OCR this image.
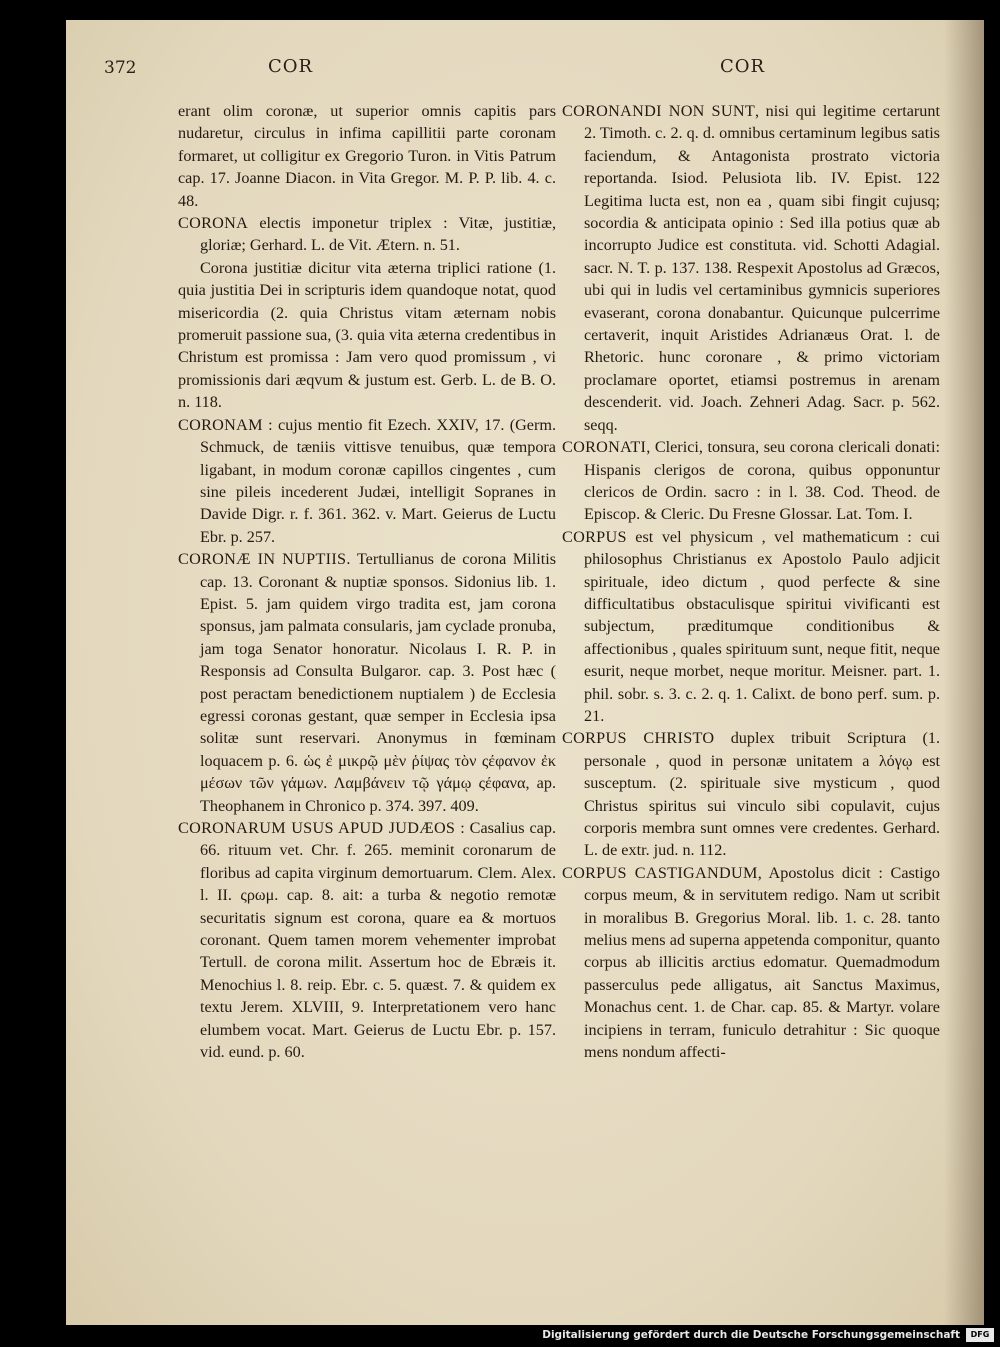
372	COR	COR

erant olim coronæ, ut superior omnis capitis pars nudaretur, circulus in infima capillitii parte coronam formaret, ut colligitur ex Gregorio Turon. in Vitis Patrum cap. 17. Joanne Diacon. in Vita Gregor. M. P. P. lib. 4. c. 48.

CORONA electis imponetur triplex : Vitæ, justitiæ, gloriæ; Gerhard. L. de Vit. Ætern. n. 51.

Corona justitiæ dicitur vita æterna triplici ratione (1. quia justitia Dei in scripturis idem quandoque notat, quod misericordia (2. quia Christus vitam æternam nobis promeruit passione sua, (3. quia vita æterna credentibus in Christum est promissa : Jam vero quod promissum , vi promissionis dari æqvum & justum est. Gerb. L. de B. O. n. 118.

CORONAM : cujus mentio fit Ezech. XXIV, 17. (Germ. Schmuck, de tæniis vittisve tenuibus, quæ tempora ligabant, in modum coronæ capillos cingentes , cum sine pileis incederent Judæi, intelligit Sopranes in Davide Digr. r. f. 361. 362. v. Mart. Geierus de Luctu Ebr. p. 257.

CORONÆ IN NUPTIIS. Tertullianus de corona Militis cap. 13. Coronant & nuptiæ sponsos. Sidonius lib. 1. Epist. 5. jam quidem virgo tradita est, jam corona sponsus, jam palmata consularis, jam cyclade pronuba, jam toga Senator honoratur. Nicolaus I. R. P. in Responsis ad Consulta Bulgaror. cap. 3. Post hæc ( post peractam benedictionem nuptialem ) de Ecclesia egressi coronas gestant, quæ semper in Ecclesia ipsa solitæ sunt reservari. Anonymus in fœminam loquacem p. 6. ὡς ἐ μικρῷ μὲν ῥίψας τὸν ςέφανον ἐκ μέσων τῶν γάμων. Λαμβάνειν τῷ γάμῳ ςέφανα, ap. Theophanem in Chronico p. 374. 397. 409.

CORONARUM USUS APUD JUDÆOS : Casalius cap. 66. rituum vet. Chr. f. 265. meminit coronarum de floribus ad capita virginum demortuarum. Clem. Alex. l. II. ςρωμ. cap. 8. ait: a turba & negotio remotæ securitatis signum est corona, quare ea & mortuos coronant. Quem tamen morem vehementer improbat Tertull. de corona milit. Assertum hoc de Ebræis it. Menochius l. 8. reip. Ebr. c. 5. quæst. 7. & quidem ex textu Jerem. XLVIII, 9. Interpretationem vero hanc elumbem vocat. Mart. Geierus de Luctu Ebr. p. 157. vid. eund. p. 60.

CORONANDI NON SUNT, nisi qui legitime certarunt 2. Timoth. c. 2. q. d. omnibus certaminum legibus satis faciendum, & Antagonista prostrato victoria reportanda. Isiod. Pelusiota lib. IV. Epist. 122 Legitima lucta est, non ea , quam sibi fingit cujusq; socordia & anticipata opinio : Sed illa potius quæ ab incorrupto Judice est constituta. vid. Schotti Adagial. sacr. N. T. p. 137. 138. Respexit Apostolus ad Græcos, ubi qui in ludis vel certaminibus gymnicis superiores evaserant, corona donabantur. Quicunque pulcerrime certaverit, inquit Aristides Adrianæus Orat. l. de Rhetoric. hunc coronare , & primo victoriam proclamare oportet, etiamsi postremus in arenam descenderit. vid. Joach. Zehneri Adag. Sacr. p. 562. seqq.

CORONATI, Clerici, tonsura, seu corona clericali donati: Hispanis clerigos de corona, quibus opponuntur clericos de Ordin. sacro : in l. 38. Cod. Theod. de Episcop. & Cleric. Du Fresne Glossar. Lat. Tom. I.

CORPUS est vel physicum , vel mathematicum : cui philosophus Christianus ex Apostolo Paulo adjicit spirituale, ideo dictum , quod perfecte & sine difficultatibus obstaculisque spiritui vivificanti est subjectum, præditumque conditionibus & affectionibus , quales spirituum sunt, neque fitit, neque esurit, neque morbet, neque moritur. Meisner. part. 1. phil. sobr. s. 3. c. 2. q. 1. Calixt. de bono perf. sum. p. 21.

CORPUS CHRISTO duplex tribuit Scriptura (1. personale , quod in personæ unitatem a λόγῳ est susceptum. (2. spirituale sive mysticum , quod Christus spiritus sui vinculo sibi copulavit, cujus corporis membra sunt omnes vere credentes. Gerhard. L. de extr. jud. n. 112.

CORPUS CASTIGANDUM, Apostolus dicit : Castigo corpus meum, & in servitutem redigo. Nam ut scribit in moralibus B. Gregorius Moral. lib. 1. c. 28. tanto melius mens ad superna appetenda componitur, quanto corpus ab illicitis arctius edomatur. Quemadmodum passerculus pede alligatus, ait Sanctus Maximus, Monachus cent. 1. de Char. cap. 85. & Martyr. volare incipiens in terram, funiculo detrahitur : Sic quoque mens nondum affecti-

Digitalisierung gefördert durch die Deutsche Forschungsgemeinschaft	DFG
